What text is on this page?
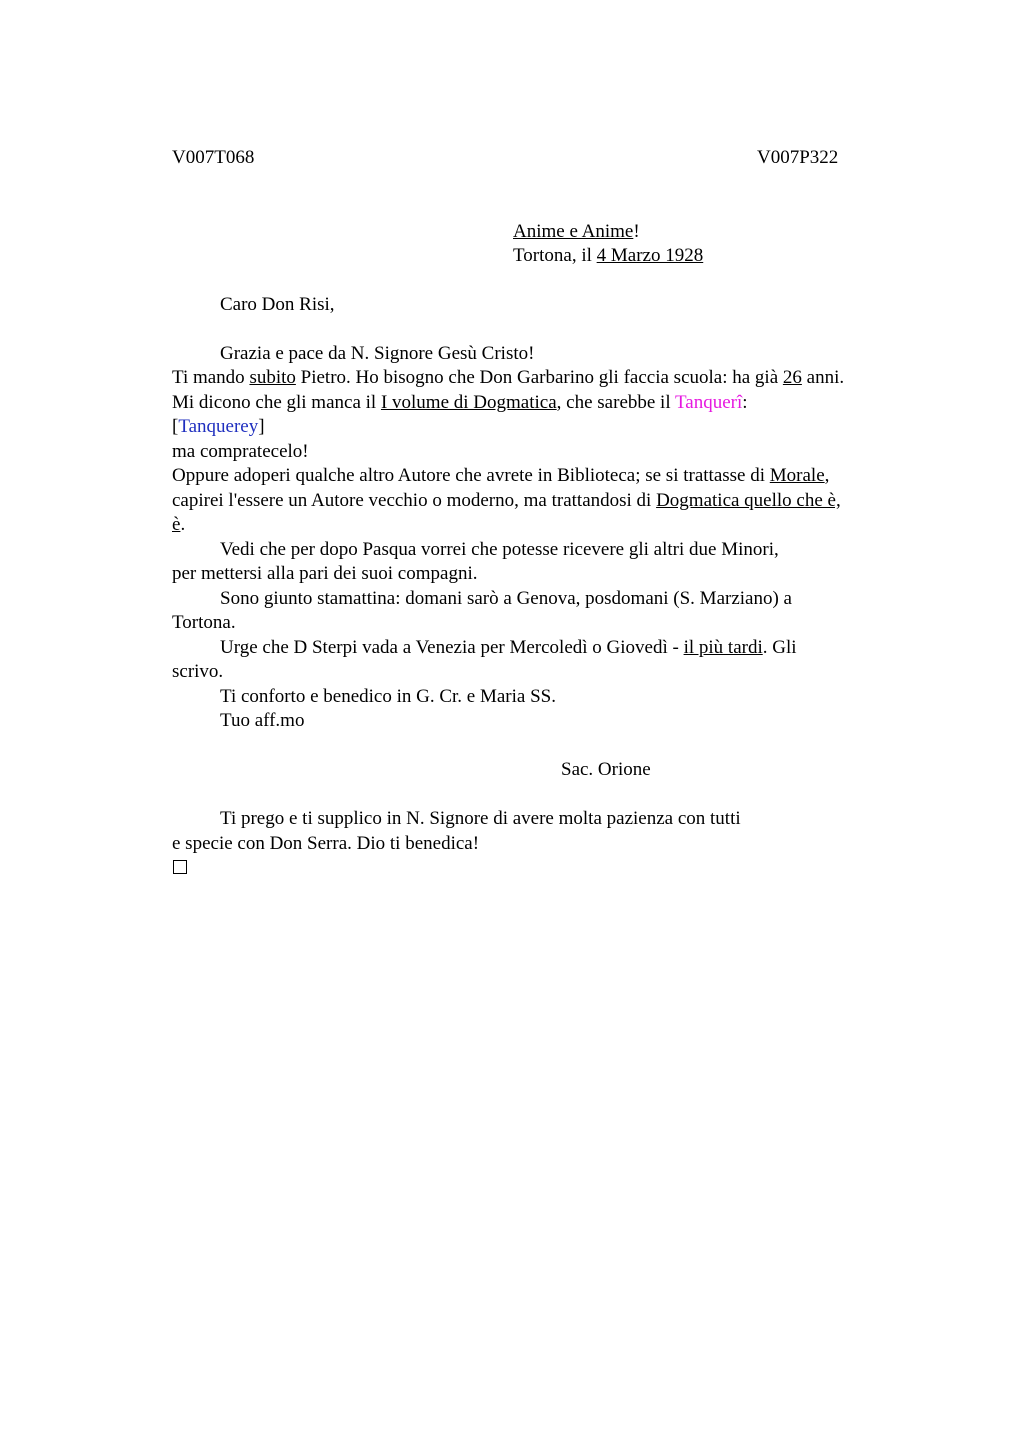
V007T068	V007P322
Anime e Anime!
Tortona, il 4 Marzo 1928
Caro Don Risi,
Grazia e pace da N. Signore Gesù Cristo!
Ti mando subito Pietro. Ho bisogno che Don Garbarino gli faccia scuola: ha già 26 anni.
Mi dicono che gli manca il I volume di Dogmatica, che sarebbe il Tanquerî:
[Tanquerey]
ma compratecelo!
Oppure adoperi qualche altro Autore che avrete in Biblioteca; se si trattasse di Morale,
capirei l'essere un Autore vecchio o moderno, ma trattandosi di Dogmatica quello che è,
è.
Vedi che per dopo Pasqua vorrei che potesse ricevere gli altri due Minori,
per mettersi alla pari dei suoi compagni.
Sono giunto stamattina: domani sarò a Genova, posdomani (S. Marziano) a
Tortona.
Urge che D Sterpi vada a Venezia per Mercoledì o Giovedì - il più tardi. Gli
scrivo.
Ti conforto e benedico in G. Cr. e Maria SS.
Tuo aff.mo
Sac. Orione
Ti prego e ti supplico in N. Signore di avere molta pazienza con tutti
e specie con Don Serra. Dio ti benedica!
